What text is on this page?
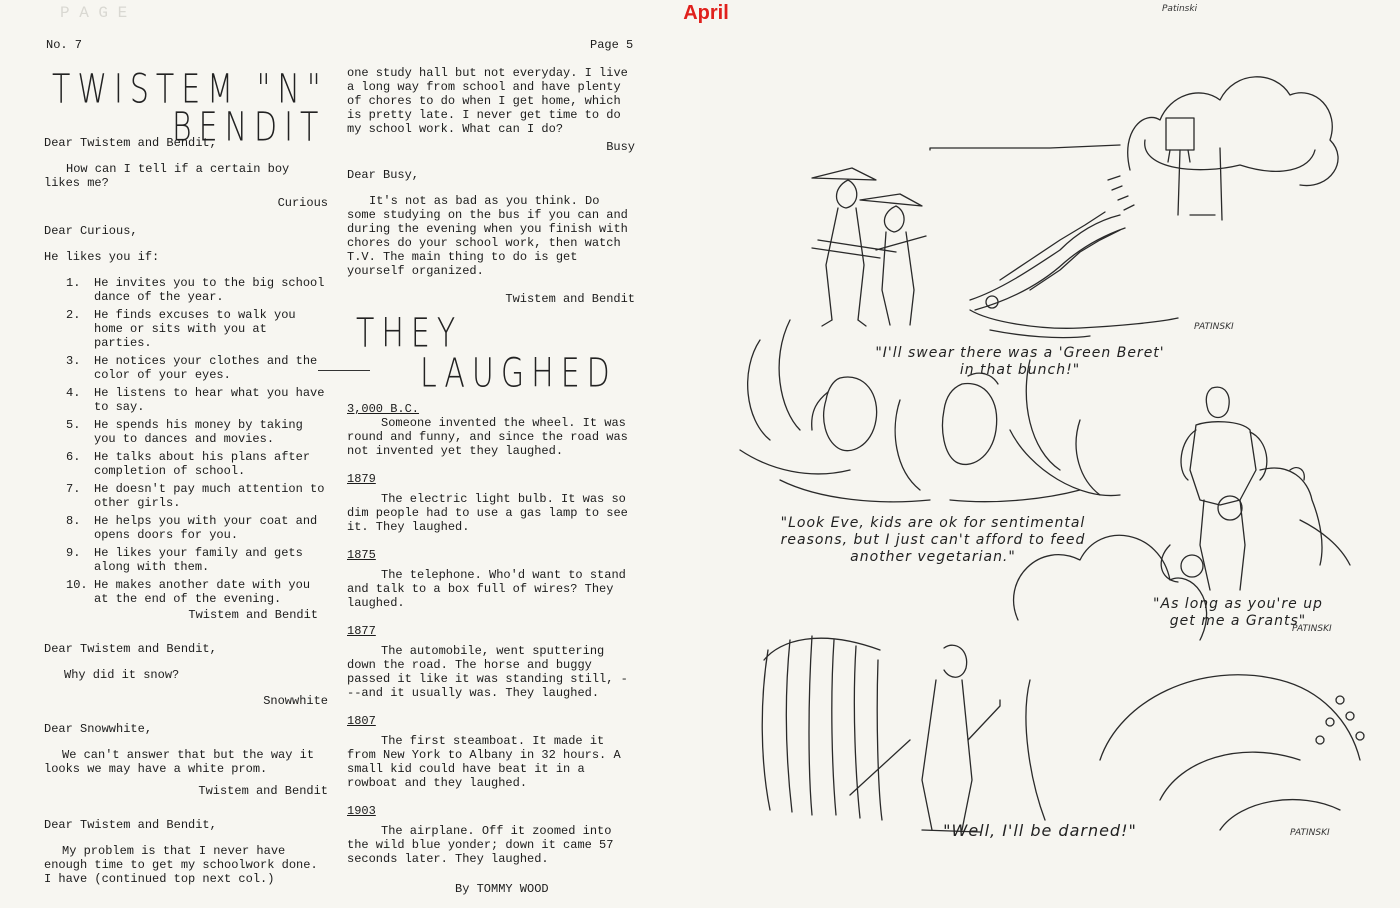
P A G E
No. 7	Page 5
TWISTEM "N"
BENDIT
Dear Twistem and Bendit,
How can I tell if a certain boy likes me?
Curious
Dear Curious,
He likes you if:
1. He invites you to the big school dance of the year.
2. He finds excuses to walk you home or sits with you at parties.
3. He notices your clothes and the color of your eyes.
4. He listens to hear what you have to say.
5. He spends his money by taking you to dances and movies.
6. He talks about his plans after completion of school.
7. He doesn't pay much attention to other girls.
8. He helps you with your coat and opens doors for you.
9. He likes your family and gets along with them.
10. He makes another date with you at the end of the evening.
Twistem and Bendit
Dear Twistem and Bendit,
Why did it snow?
Snowwhite
Dear Snowwhite,
We can't answer that but the way it looks we may have a white prom.
Twistem and Bendit
Dear Twistem and Bendit,
My problem is that I never have enough time to get my schoolwork done. I have (continued top next col.)
one study hall but not everyday. I live a long way from school and have plenty of chores to do when I get home, which is pretty late. I never get time to do my school work. What can I do?
Busy
Dear Busy,
It's not as bad as you think. Do some studying on the bus if you can and during the evening when you finish with chores do your school work, then watch T.V. The main thing to do is get yourself organized.
Twistem and Bendit
THEY
LAUGHED
3,000 B.C.
Someone invented the wheel. It was round and funny, and since the road was not invented yet they laughed.
1879
The electric light bulb. It was so dim people had to use a gas lamp to see it. They laughed.
1875
The telephone. Who'd want to stand and talk to a box full of wires? They laughed.
1877
The automobile, went sputtering down the road. The horse and buggy passed it like it was standing still, ---and it usually was. They laughed.
1807
The first steamboat. It made it from New York to Albany in 32 hours. A small kid could have beat it in a rowboat and they laughed.
1903
The airplane. Off it zoomed into the wild blue yonder; down it came 57 seconds later. They laughed.
By TOMMY WOOD
April
"I'll swear there was a 'Green Beret' in that bunch!"
"Look Eve, kids are ok for sentimental reasons, but I just can't afford to feed another vegetarian."
"As long as you're up get me a Grants"
"Well, I'll be darned!"
PATINSKI
PATINSKI
PATINSKI
Patinski
